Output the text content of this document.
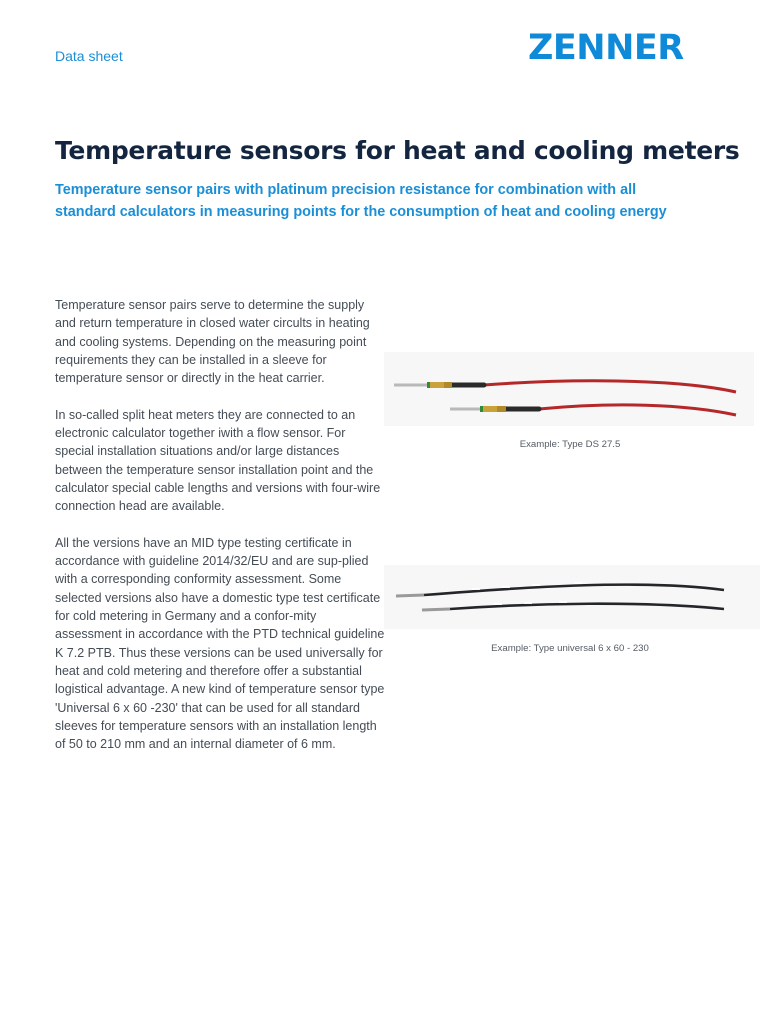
Data sheet	ZENNER
Temperature sensors for heat and cooling meters

Temperature sensor pairs with platinum precision resistance for combination with all standard calculators in measuring points for the consumption of heat and cooling energy

Temperature sensor pairs serve to determine the supply and return temperature in closed water circults in heating and cooling systems. Depending on the measuring point requirements they can be installed in a sleeve for temperature sensor or directly in the heat carrier.

In so-called split heat meters they are connected to an electronic calculator together iwith a flow sensor. For special installation situations and/or large distances between the temperature sensor installation point and the calculator special cable lengths and versions with four-wire connection head are available.

All the versions have an MID type testing certificate in accordance with guideline 2014/32/EU and are sup-plied with a corresponding conformity assessment. Some selected versions also have a domestic type test certificate for cold metering in Germany and a confor-mity assessment in accordance with the PTD technical guideline K 7.2 PTB. Thus these versions can be used universally for heat and cold metering and therefore offer a substantial logistical advantage. A new kind of temperature sensor type 'Universal 6 x 60 -230' that can be used for all standard sleeves for temperature sensors with an installation length of 50 to 210 mm and an internal diameter of 6 mm.

Example: Type DS 27.5
Example: Type universal 6 x 60 - 230
